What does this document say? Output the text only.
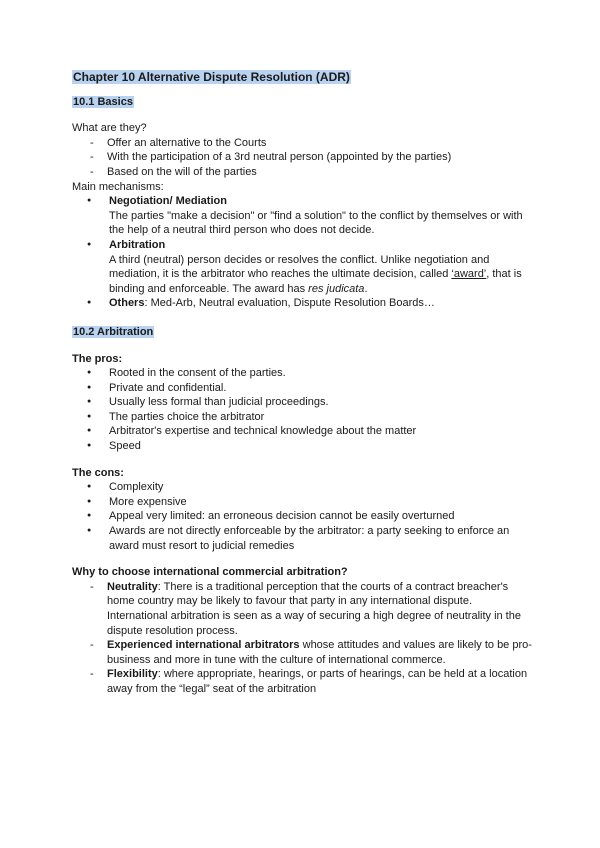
Chapter 10 Alternative Dispute Resolution (ADR)

10.1 Basics

What are they?

- Offer an alternative to the Courts
- With the participation of a 3rd neutral person (appointed by the parties)
- Based on the will of the parties

Main mechanisms:

● Negotiation/ Mediation
The parties "make a decision" or "find a solution" to the conflict by themselves or with the help of a neutral third person who does not decide.
● Arbitration
A third (neutral) person decides or resolves the conflict. Unlike negotiation and mediation, it is the arbitrator who reaches the ultimate decision, called ‘award’, that is binding and enforceable. The award has res judicata.
● Others: Med-Arb, Neutral evaluation, Dispute Resolution Boards…

10.2 Arbitration

The pros:

● Rooted in the consent of the parties.
● Private and confidential.
● Usually less formal than judicial proceedings.
● The parties choice the arbitrator
● Arbitrator's expertise and technical knowledge about the matter
● Speed

The cons:

● Complexity
● More expensive
● Appeal very limited: an erroneous decision cannot be easily overturned
● Awards are not directly enforceable by the arbitrator: a party seeking to enforce an award must resort to judicial remedies

Why to choose international commercial arbitration?

- Neutrality: There is a traditional perception that the courts of a contract breacher's home country may be likely to favour that party in any international dispute. International arbitration is seen as a way of securing a high degree of neutrality in the dispute resolution process.
- Experienced international arbitrators whose attitudes and values are likely to be pro-business and more in tune with the culture of international commerce.
- Flexibility: where appropriate, hearings, or parts of hearings, can be held at a location away from the “legal” seat of the arbitration
